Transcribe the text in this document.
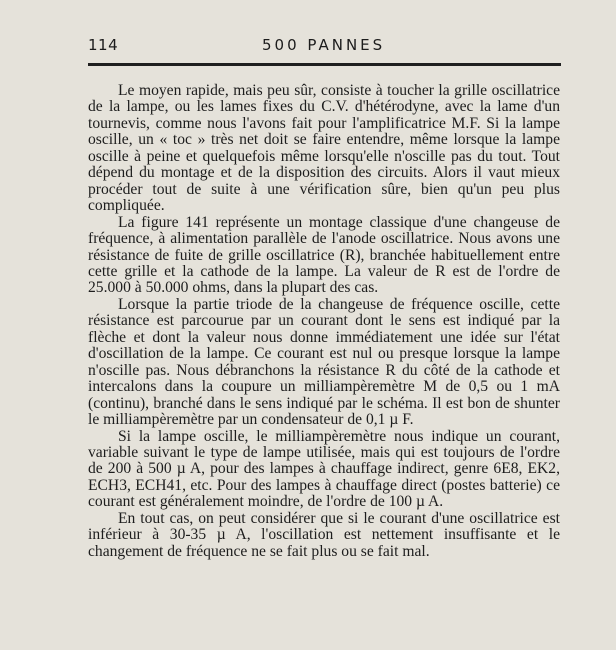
114	500 PANNES

Le moyen rapide, mais peu sûr, consiste à toucher la grille oscillatrice de la lampe, ou les lames fixes du C.V. d'hétérodyne, avec la lame d'un tournevis, comme nous l'avons fait pour l'amplificatrice M.F. Si la lampe oscille, un « toc » très net doit se faire entendre, même lorsque la lampe oscille à peine et quelquefois même lorsqu'elle n'oscille pas du tout. Tout dépend du montage et de la disposition des circuits. Alors il vaut mieux procéder tout de suite à une vérification sûre, bien qu'un peu plus compliquée.

La figure 141 représente un montage classique d'une changeuse de fréquence, à alimentation parallèle de l'anode oscillatrice. Nous avons une résistance de fuite de grille oscillatrice (R), branchée habituellement entre cette grille et la cathode de la lampe. La valeur de R est de l'ordre de 25.000 à 50.000 ohms, dans la plupart des cas.

Lorsque la partie triode de la changeuse de fréquence oscille, cette résistance est parcourue par un courant dont le sens est indiqué par la flèche et dont la valeur nous donne immédiatement une idée sur l'état d'oscillation de la lampe. Ce courant est nul ou presque lorsque la lampe n'oscille pas. Nous débranchons la résistance R du côté de la cathode et intercalons dans la coupure un milliampèremètre M de 0,5 ou 1 mA (continu), branché dans le sens indiqué par le schéma. Il est bon de shunter le milliampèremètre par un condensateur de 0,1 µ F.

Si la lampe oscille, le milliampèremètre nous indique un courant, variable suivant le type de lampe utilisée, mais qui est toujours de l'ordre de 200 à 500 µ A, pour des lampes à chauffage indirect, genre 6E8, EK2, ECH3, ECH41, etc. Pour des lampes à chauffage direct (postes batterie) ce courant est généralement moindre, de l'ordre de 100 µ A.

En tout cas, on peut considérer que si le courant d'une oscillatrice est inférieur à 30-35 µ A, l'oscillation est nettement insuffisante et le changement de fréquence ne se fait plus ou se fait mal.
